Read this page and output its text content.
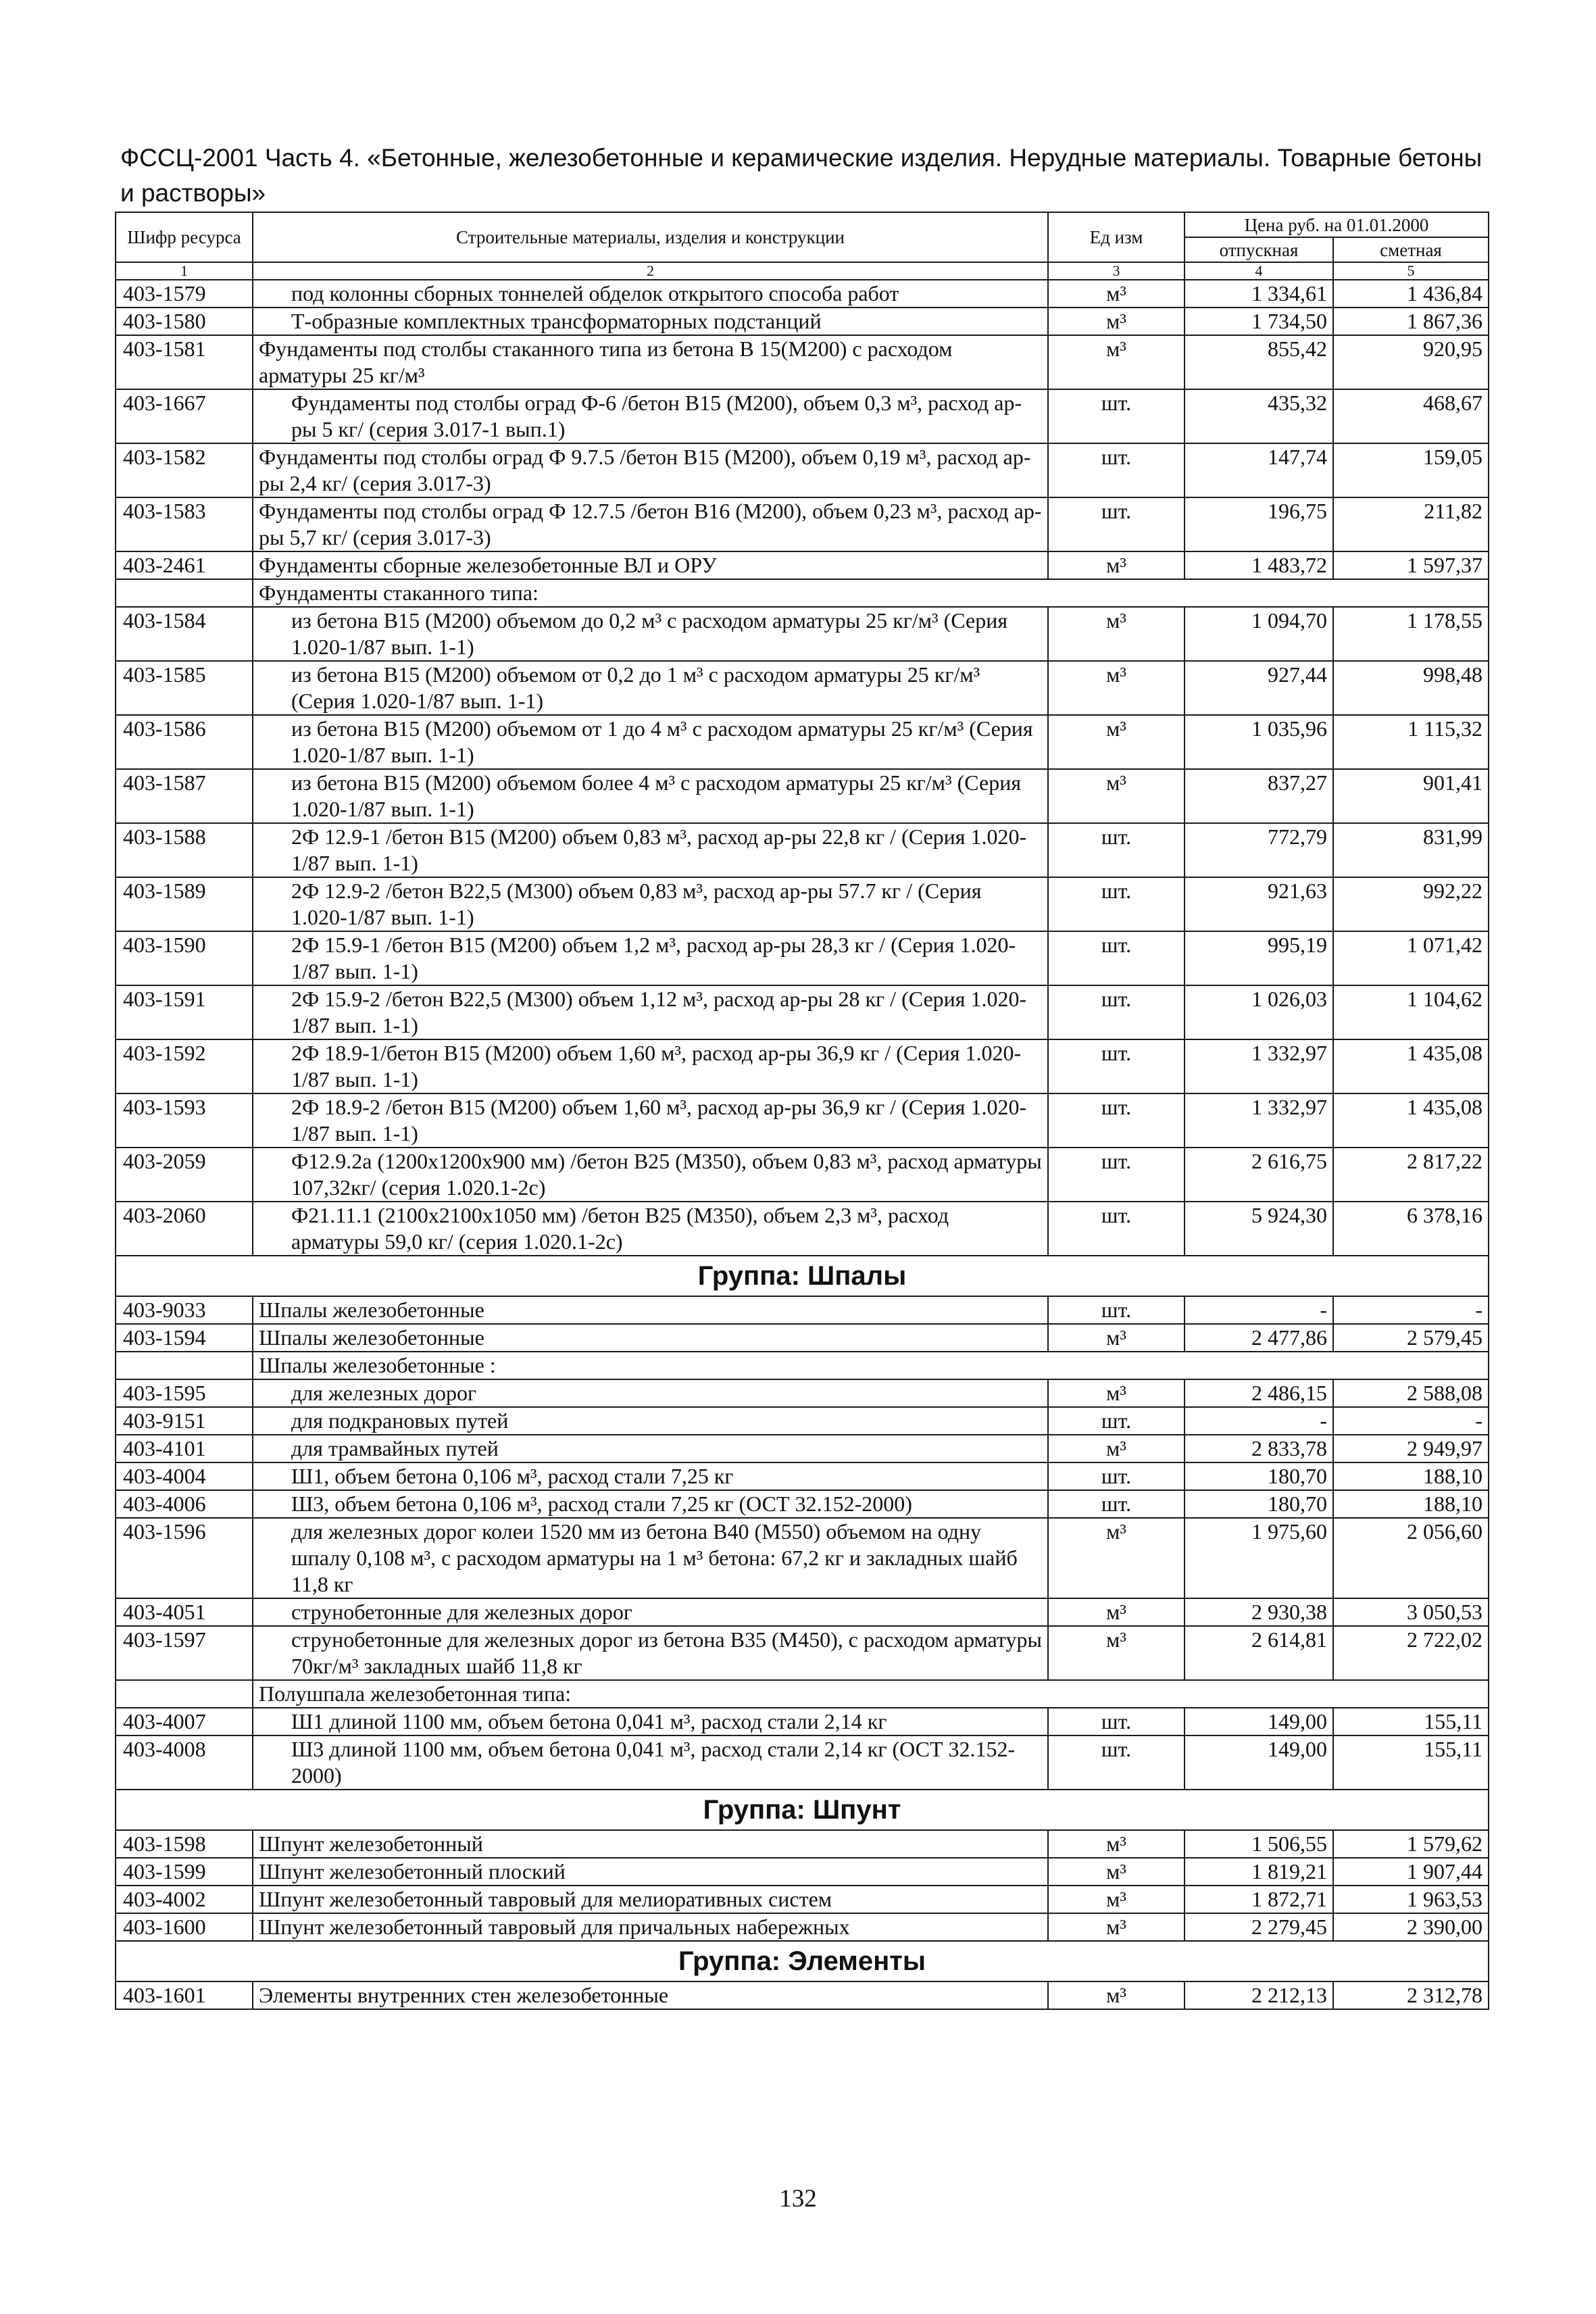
ФССЦ-2001 Часть 4. «Бетонные, железобетонные и керамические изделия. Нерудные материалы. Товарные бетоны и растворы»
Шифр ресурса	Строительные материалы, изделия и конструкции	Ед изм	Цена руб. на 01.01.2000	
			отпускная	сметная
1	2	3	4	5
403-1579	под колонны сборных тоннелей обделок открытого способа работ	м³	1 334,61	1 436,84
403-1580	Т-образные комплектных трансформаторных подстанций	м³	1 734,50	1 867,36
403-1581	Фундаменты под столбы стаканного типа из бетона В 15(М200) с расходом арматуры 25 кг/м³	м³	855,42	920,95
403-1667	Фундаменты под столбы оград Ф-6 /бетон В15 (М200), объем 0,3 м³, расход ар-ры 5 кг/ (серия 3.017-1 вып.1)	шт.	435,32	468,67
403-1582	Фундаменты под столбы оград Ф 9.7.5 /бетон В15 (М200), объем 0,19 м³, расход ар-ры 2,4 кг/ (серия 3.017-3)	шт.	147,74	159,05
403-1583	Фундаменты под столбы оград Ф 12.7.5 /бетон В16 (М200), объем 0,23 м³, расход ар-ры 5,7 кг/ (серия 3.017-3)	шт.	196,75	211,82
403-2461	Фундаменты сборные железобетонные ВЛ и ОРУ	м³	1 483,72	1 597,37
	Фундаменты стаканного типа:			
403-1584	из бетона В15 (М200) объемом до 0,2 м³ с расходом арматуры 25 кг/м³ (Серия 1.020-1/87 вып. 1-1)	м³	1 094,70	1 178,55
403-1585	из бетона В15 (М200) объемом от 0,2 до 1 м³ с расходом арматуры 25 кг/м³ (Серия 1.020-1/87 вып. 1-1)	м³	927,44	998,48
403-1586	из бетона В15 (М200) объемом от 1 до 4 м³ с расходом арматуры 25 кг/м³ (Серия 1.020-1/87 вып. 1-1)	м³	1 035,96	1 115,32
403-1587	из бетона В15 (М200) объемом более 4 м³ с расходом арматуры 25 кг/м³ (Серия 1.020-1/87 вып. 1-1)	м³	837,27	901,41
403-1588	2Ф 12.9-1 /бетон В15 (М200) объем 0,83 м³, расход ар-ры 22,8 кг / (Серия 1.020-1/87 вып. 1-1)	шт.	772,79	831,99
403-1589	2Ф 12.9-2 /бетон В22,5 (М300) объем 0,83 м³, расход ар-ры 57.7 кг / (Серия 1.020-1/87 вып. 1-1)	шт.	921,63	992,22
403-1590	2Ф 15.9-1 /бетон В15 (М200) объем 1,2 м³, расход ар-ры 28,3 кг / (Серия 1.020-1/87 вып. 1-1)	шт.	995,19	1 071,42
403-1591	2Ф 15.9-2 /бетон В22,5 (М300) объем 1,12 м³, расход ар-ры 28 кг / (Серия 1.020-1/87 вып. 1-1)	шт.	1 026,03	1 104,62
403-1592	2Ф 18.9-1/бетон В15 (М200) объем 1,60 м³, расход ар-ры 36,9 кг / (Серия 1.020-1/87 вып. 1-1)	шт.	1 332,97	1 435,08
403-1593	2Ф 18.9-2 /бетон В15 (М200) объем 1,60 м³, расход ар-ры 36,9 кг / (Серия 1.020-1/87 вып. 1-1)	шт.	1 332,97	1 435,08
403-2059	Ф12.9.2а (1200х1200х900 мм) /бетон В25 (М350), объем 0,83 м³, расход арматуры 107,32кг/ (серия 1.020.1-2с)	шт.	2 616,75	2 817,22
403-2060	Ф21.11.1 (2100х2100х1050 мм) /бетон В25 (М350), объем 2,3 м³, расход арматуры 59,0 кг/ (серия 1.020.1-2с)	шт.	5 924,30	6 378,16
Группа: Шпалы				
403-9033	Шпалы железобетонные	шт.	-	-
403-1594	Шпалы железобетонные	м³	2 477,86	2 579,45
	Шпалы железобетонные :			
403-1595	для железных дорог	м³	2 486,15	2 588,08
403-9151	для подкрановых путей	шт.	-	-
403-4101	для трамвайных путей	м³	2 833,78	2 949,97
403-4004	Ш1, объем бетона 0,106 м³, расход стали 7,25 кг	шт.	180,70	188,10
403-4006	Ш3, объем бетона 0,106 м³, расход стали 7,25 кг (ОСТ 32.152-2000)	шт.	180,70	188,10
403-1596	для железных дорог колеи 1520 мм из бетона В40 (М550) объемом на одну шпалу 0,108 м³, с расходом арматуры на 1 м³ бетона: 67,2 кг и закладных шайб 11,8 кг	м³	1 975,60	2 056,60
403-4051	струнобетонные для железных дорог	м³	2 930,38	3 050,53
403-1597	струнобетонные для железных дорог из бетона В35 (М450), с расходом арматуры 70кг/м³ закладных шайб 11,8 кг	м³	2 614,81	2 722,02
	Полушпала железобетонная типа:			
403-4007	Ш1 длиной 1100 мм, объем бетона 0,041 м³, расход стали 2,14 кг	шт.	149,00	155,11
403-4008	Ш3 длиной 1100 мм, объем бетона 0,041 м³, расход стали 2,14 кг (ОСТ 32.152-2000)	шт.	149,00	155,11
Группа: Шпунт				
403-1598	Шпунт железобетонный	м³	1 506,55	1 579,62
403-1599	Шпунт железобетонный плоский	м³	1 819,21	1 907,44
403-4002	Шпунт железобетонный тавровый для мелиоративных систем	м³	1 872,71	1 963,53
403-1600	Шпунт железобетонный тавровый для причальных набережных	м³	2 279,45	2 390,00
Группа: Элементы				
403-1601	Элементы внутренних стен железобетонные	м³	2 212,13	2 312,78
132
